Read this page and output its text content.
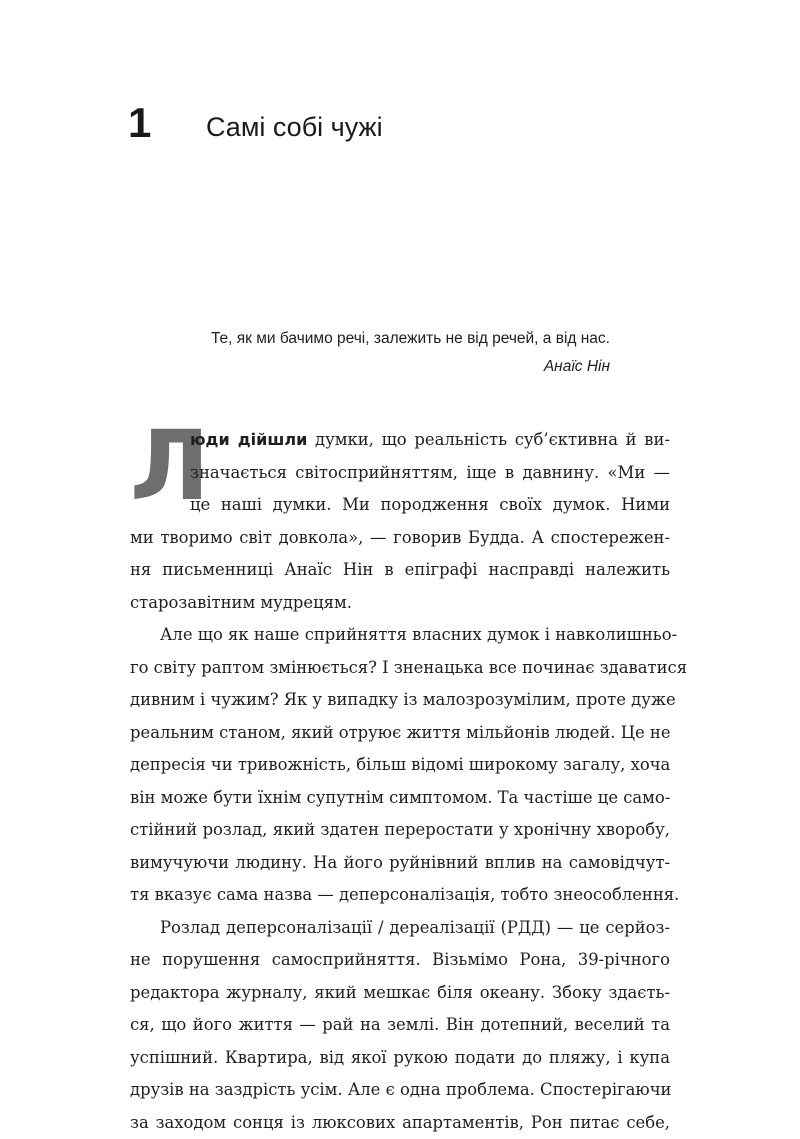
1 Самі собі чужі
Те, як ми бачимо речі, залежить не від речей, а від нас.
Анаїс Нін
Л
юди дійшли думки, що реальність суб’єктивна й ви-
значається світосприйняттям, іще в давнину. «Ми —
це наші думки. Ми породження своїх думок. Ними
ми творимо світ довкола», — говорив Будда. А спостережен-
ня письменниці Анаїс Нін в епіграфі насправді належить
старозавітним мудрецям.
Але що як наше сприйняття власних думок і навколишньо-
го світу раптом змінюється? І зненацька все починає здаватися
дивним і чужим? Як у випадку із малозрозумілим, проте дуже
реальним станом, який отруює життя мільйонів людей. Це не
депресія чи тривожність, більш відомі широкому загалу, хоча
він може бути їхнім супутнім симптомом. Та частіше це само-
стійний розлад, який здатен переростати у хронічну хворобу,
вимучуючи людину. На його руйнівний вплив на самовідчут-
тя вказує сама назва — деперсоналізація, тобто знеособлення.
Розлад деперсоналізації / дереалізації (РДД) — це серйоз-
не порушення самосприйняття. Візьмімо Рона, 39-річного
редактора журналу, який мешкає біля океану. Збоку здаєть-
ся, що його життя — рай на землі. Він дотепний, веселий та
успішний. Квартира, від якої рукою подати до пляжу, і купа
друзів на заздрість усім. Але є одна проблема. Спостерігаючи
за заходом сонця із люксових апартаментів, Рон питає себе,
